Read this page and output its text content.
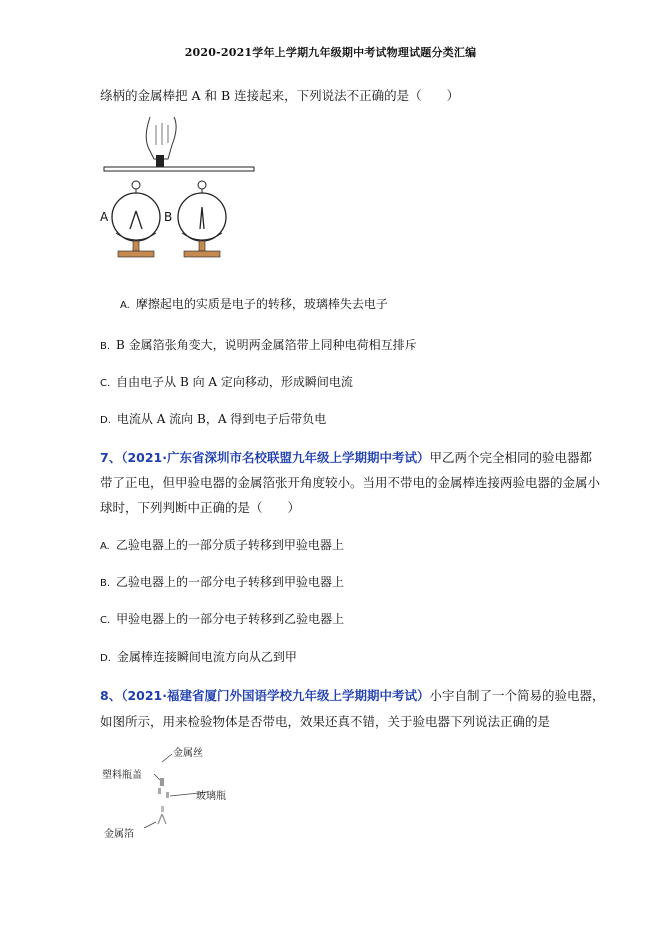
2020-2021学年上学期九年级期中考试物理试题分类汇编
绦柄的金属棒把 A 和 B 连接起来，下列说法不正确的是（　　）
A	B
A. 摩擦起电的实质是电子的转移，玻璃棒失去电子
B. B 金属箔张角变大，说明两金属箔带上同种电荷相互排斥
C. 自由电子从 B 向 A 定向移动，形成瞬间电流
D. 电流从 A 流向 B，A 得到电子后带负电
7、（2021·广东省深圳市名校联盟九年级上学期期中考试）甲乙两个完全相同的验电器都
带了正电，但甲验电器的金属箔张开角度较小。当用不带电的金属棒连接两验电器的金属小
球时，下列判断中正确的是（　　）
A. 乙验电器上的一部分质子转移到甲验电器上
B. 乙验电器上的一部分电子转移到甲验电器上
C. 甲验电器上的一部分电子转移到乙验电器上
D. 金属棒连接瞬间电流方向从乙到甲
8、（2021·福建省厦门外国语学校九年级上学期期中考试）小宇自制了一个简易的验电器，
如图所示，用来检验物体是否带电，效果还真不错，关于验电器下列说法正确的是
金属丝
塑料瓶盖
玻璃瓶
金属箔
